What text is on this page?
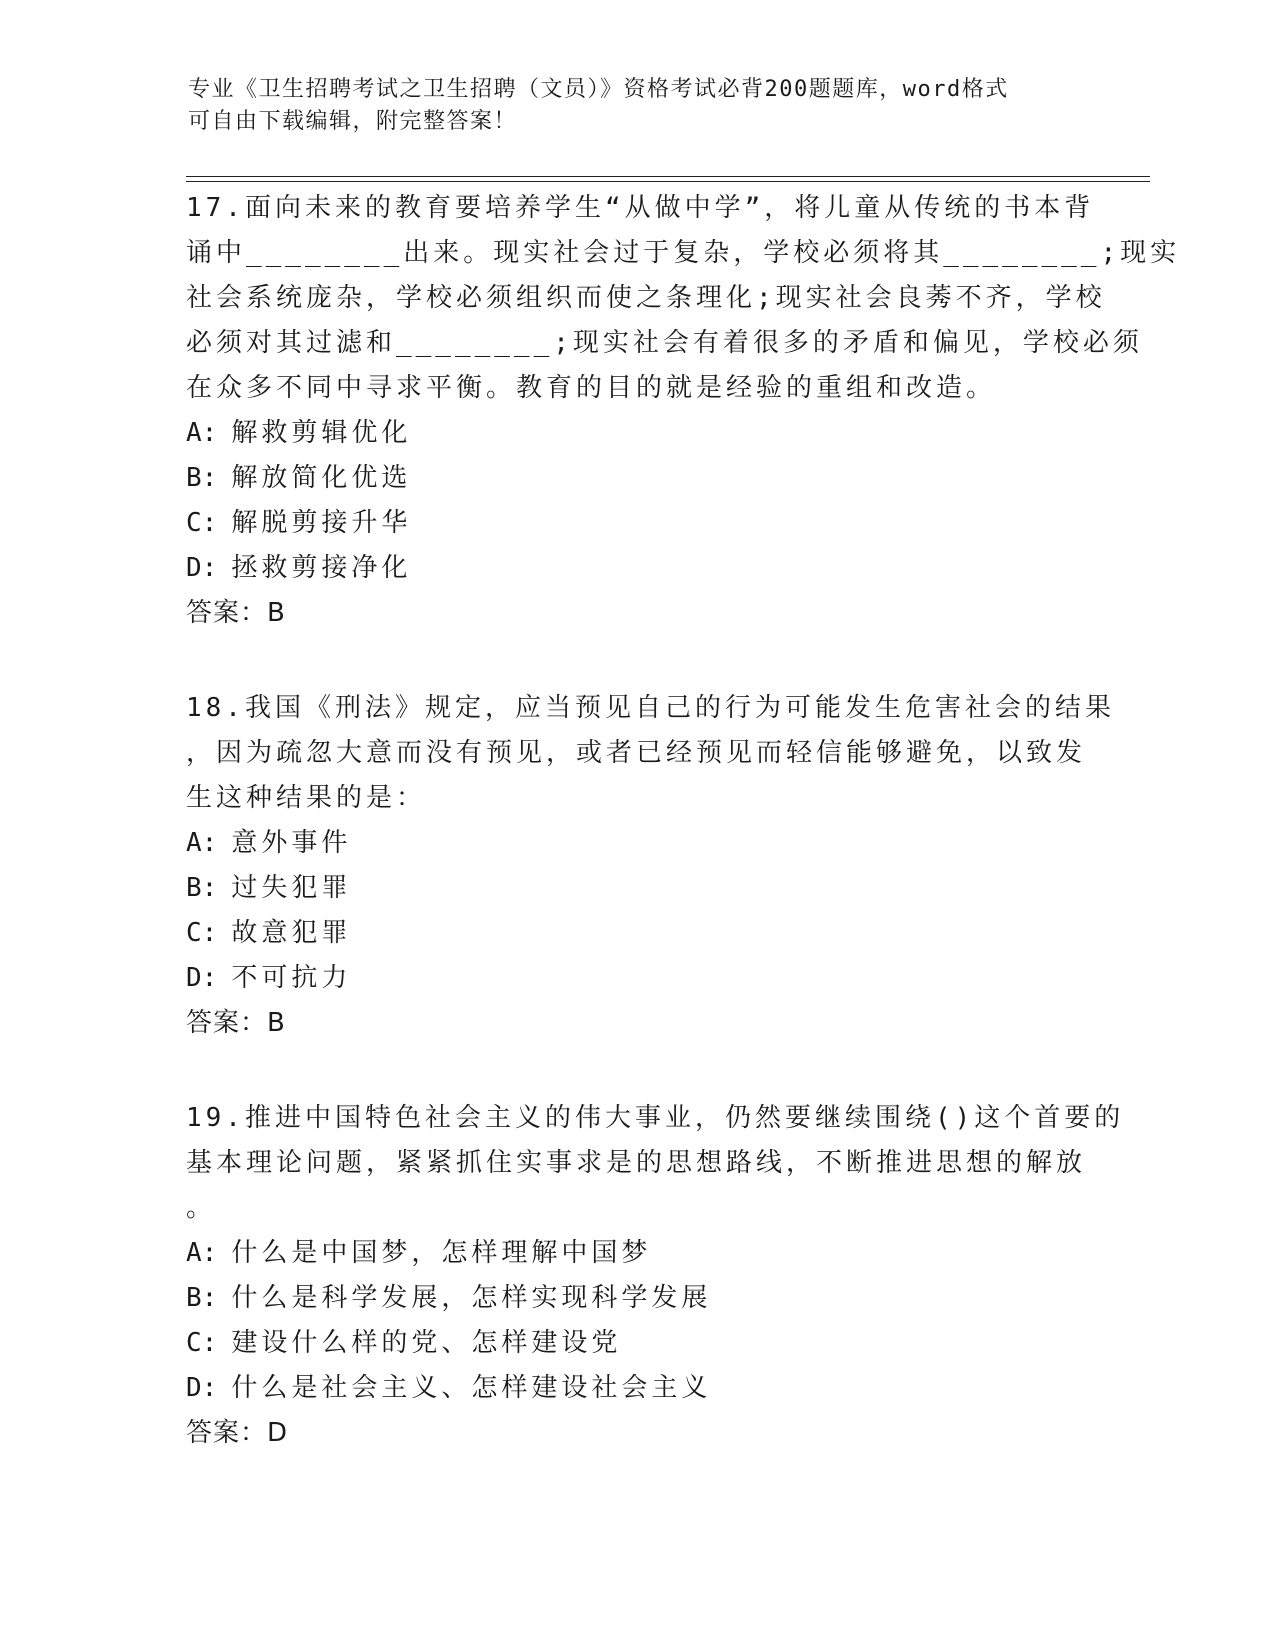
专业《卫生招聘考试之卫生招聘（文员）》资格考试必背200题题库，word格式
可自由下载编辑，附完整答案！
17.面向未来的教育要培养学生“从做中学”，将儿童从传统的书本背
诵中________出来。现实社会过于复杂，学校必须将其________;现实
社会系统庞杂，学校必须组织而使之条理化;现实社会良莠不齐，学校
必须对其过滤和________;现实社会有着很多的矛盾和偏见，学校必须
在众多不同中寻求平衡。教育的目的就是经验的重组和改造。
A: 解救剪辑优化
B: 解放简化优选
C: 解脱剪接升华
D: 拯救剪接净化
答案：B
18.我国《刑法》规定，应当预见自己的行为可能发生危害社会的结果
，因为疏忽大意而没有预见，或者已经预见而轻信能够避免，以致发
生这种结果的是：
A: 意外事件
B: 过失犯罪
C: 故意犯罪
D: 不可抗力
答案：B
19.推进中国特色社会主义的伟大事业，仍然要继续围绕()这个首要的
基本理论问题，紧紧抓住实事求是的思想路线，不断推进思想的解放
。
A: 什么是中国梦，怎样理解中国梦
B: 什么是科学发展，怎样实现科学发展
C: 建设什么样的党、怎样建设党
D: 什么是社会主义、怎样建设社会主义
答案：D
